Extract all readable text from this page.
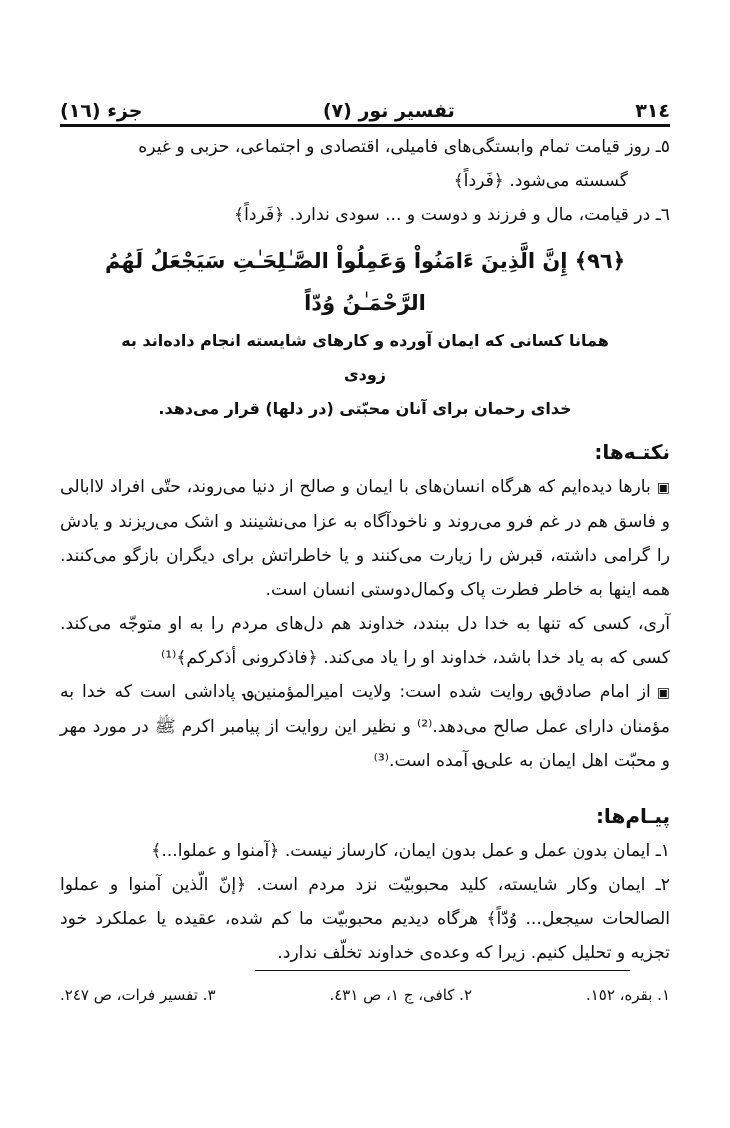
٣١٤
تفسیر نور (٧)
جزء (١٦)

٥ـ روز قیامت تمام وابستگی‌های فامیلی، اقتصادی و اجتماعی، حزبی و غیره

گسسته می‌شود. ﴿فَرداً﴾

٦ـ در قیامت، مال و فرزند و دوست و ... سودی ندارد. ﴿فَرداً﴾

﴿٩٦﴾ إِنَّ الَّذِينَ ءَامَنُواْ وَعَمِلُواْ الصَّـٰلِحَـٰتِ سَيَجْعَلُ لَهُمُ الرَّحْمَـٰنُ وُدّاً

همانا کسانی که ایمان آورده و کارهای شایسته انجام داده‌اند به زودی

خدای رحمان برای آنان محبّتی (در دلها) قرار می‌دهد.

نکتـه‌ها:

▣بارها دیده‌ایم که هرگاه انسان‌های با ایمان و صالح از دنیا می‌روند، حتّی افراد لاابالی و فاسق هم در غم فرو می‌روند و ناخودآگاه به عزا می‌نشینند و اشک می‌ریزند و یادش را گرامی داشته، قبرش را زیارت می‌کنند و یا خاطراتش برای دیگران بازگو می‌کنند. همه اینها به خاطر فطرت پاک وکمال‌دوستی انسان است.

آری، کسی که تنها به خدا دل ببندد، خداوند هم دل‌های مردم را به او متوجّه می‌کند. کسی که به یاد خدا باشد، خداوند او را یاد می‌کند. ﴿فاذکرونی أذکرکم﴾⁽¹⁾

▣از امام صادق؈ روایت شده است: ولایت امیرالمؤمنین؈ پاداشی است که خدا به مؤمنان دارای عمل صالح می‌دهد.⁽²⁾ و نظیر این روایت از پیامبر اکرم ﷺ در مورد مهر و محبّت اهل ایمان به علی؈ آمده است.⁽³⁾

پیـام‌ها:

١ـ ایمان بدون عمل و عمل بدون ایمان، کارساز نیست. ﴿آمنوا و عملوا...﴾

٢ـ ایمان وکار شایسته، کلید محبوبیّت نزد مردم است. ﴿إنّ الّذین آمنوا و عملوا الصالحات سیجعل... وُدّاً﴾ هرگاه دیدیم محبوبیّت ما کم شده، عقیده یا عملکرد خود تجزیه و تحلیل کنیم. زیرا که وعده‌ی خداوند تخلّف ندارد.

١. بقره، ١٥٢.
٢. کافی، ج ١، ص ٤٣١.
٣. تفسیر فرات، ص ٢٤٧.
